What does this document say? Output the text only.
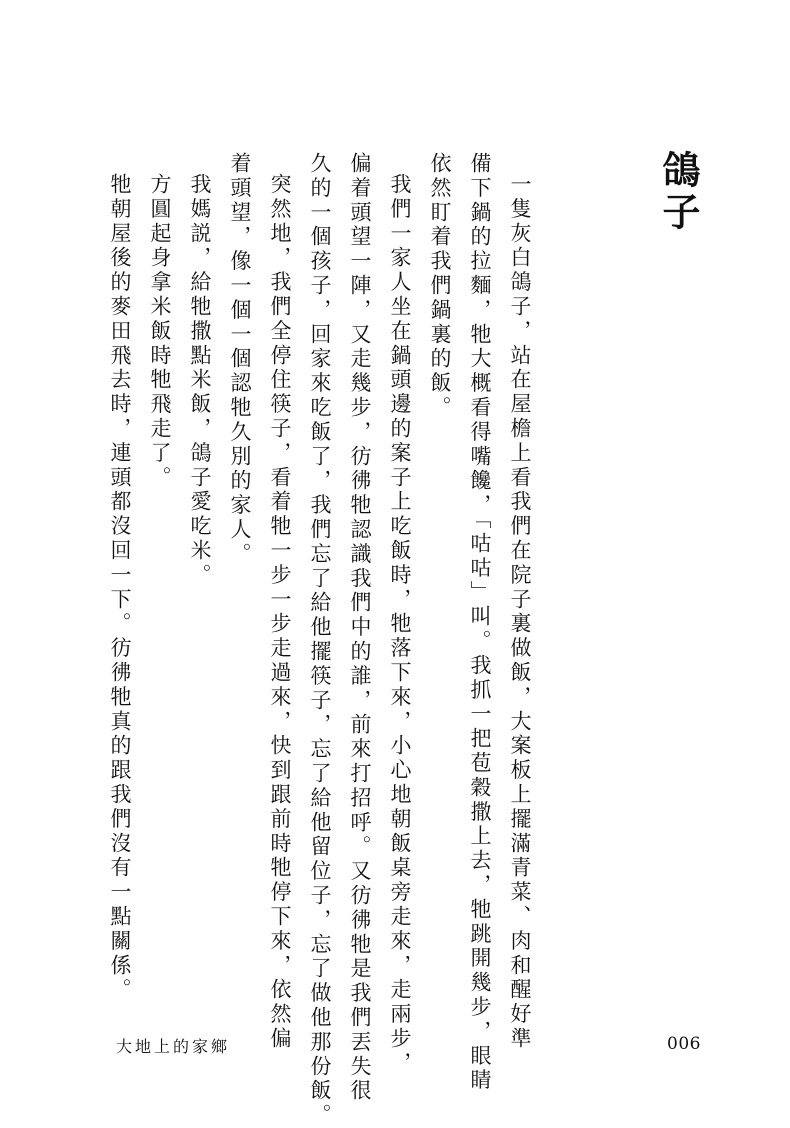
鴿子

一隻灰白鴿子，站在屋檐上看我們在院子裏做飯，大案板上擺滿青菜、肉和醒好準

備下鍋的拉麵，牠大概看得嘴饞，「咕咕」叫。我抓一把苞穀撒上去，牠跳開幾步，眼睛

依然盯着我們鍋裏的飯。

我們一家人坐在鍋頭邊的案子上吃飯時，牠落下來，小心地朝飯桌旁走來，走兩步，

偏着頭望一陣，又走幾步，彷彿牠認識我們中的誰，前來打招呼。又彷彿牠是我們丟失很

久的一個孩子，回家來吃飯了，我們忘了給他擺筷子，忘了給他留位子，忘了做他那份飯。

突然地，我們全停住筷子，看着牠一步一步走過來，快到跟前時牠停下來，依然偏

着頭望，像一個一個認牠久別的家人。

我媽説，給牠撒點米飯，鴿子愛吃米。

方圓起身拿米飯時牠飛走了。

牠朝屋後的麥田飛去時，連頭都沒回一下。彷彿牠真的跟我們沒有一點關係。

大地上的家鄉	006
